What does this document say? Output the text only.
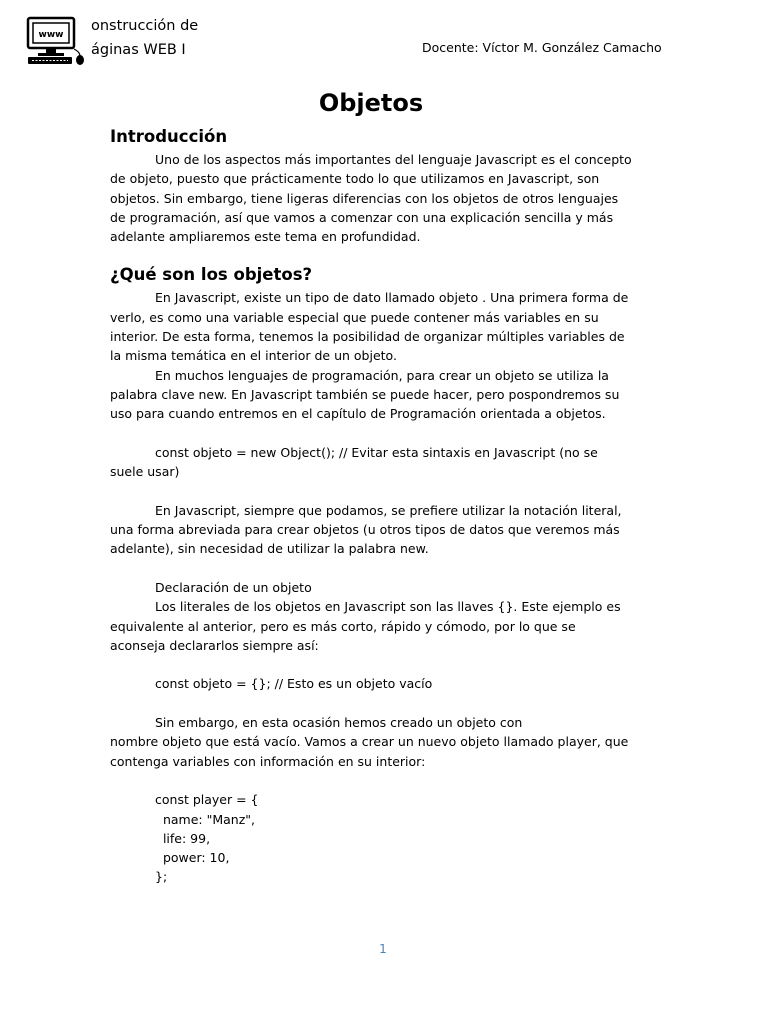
www
onstrucción de
áginas WEB I	Docente: Víctor M. González Camacho
Objetos
Introducción

Uno de los aspectos más importantes del lenguaje Javascript es el concepto de objeto, puesto que prácticamente todo lo que utilizamos en Javascript, son objetos. Sin embargo, tiene ligeras diferencias con los objetos de otros lenguajes de programación, así que vamos a comenzar con una explicación sencilla y más adelante ampliaremos este tema en profundidad.

¿Qué son los objetos?

En Javascript, existe un tipo de dato llamado objeto . Una primera forma de verlo, es como una variable especial que puede contener más variables en su interior. De esta forma, tenemos la posibilidad de organizar múltiples variables de la misma temática en el interior de un objeto.

En muchos lenguajes de programación, para crear un objeto se utiliza la palabra clave new. En Javascript también se puede hacer, pero pospondremos su uso para cuando entremos en el capítulo de Programación orientada a objetos.

const objeto = new Object(); // Evitar esta sintaxis en Javascript (no se suele usar)

En Javascript, siempre que podamos, se prefiere utilizar la notación literal, una forma abreviada para crear objetos (u otros tipos de datos que veremos más adelante), sin necesidad de utilizar la palabra new.

Declaración de un objeto

Los literales de los objetos en Javascript son las llaves {}. Este ejemplo es equivalente al anterior, pero es más corto, rápido y cómodo, por lo que se aconseja declararlos siempre así:

const objeto = {}; // Esto es un objeto vacío

Sin embargo, en esta ocasión hemos creado un objeto con

nombre objeto que está vacío. Vamos a crear un nuevo objeto llamado player, que contenga variables con información en su interior:

const player = {
name: "Manz",
life: 99,
power: 10,
};
1
